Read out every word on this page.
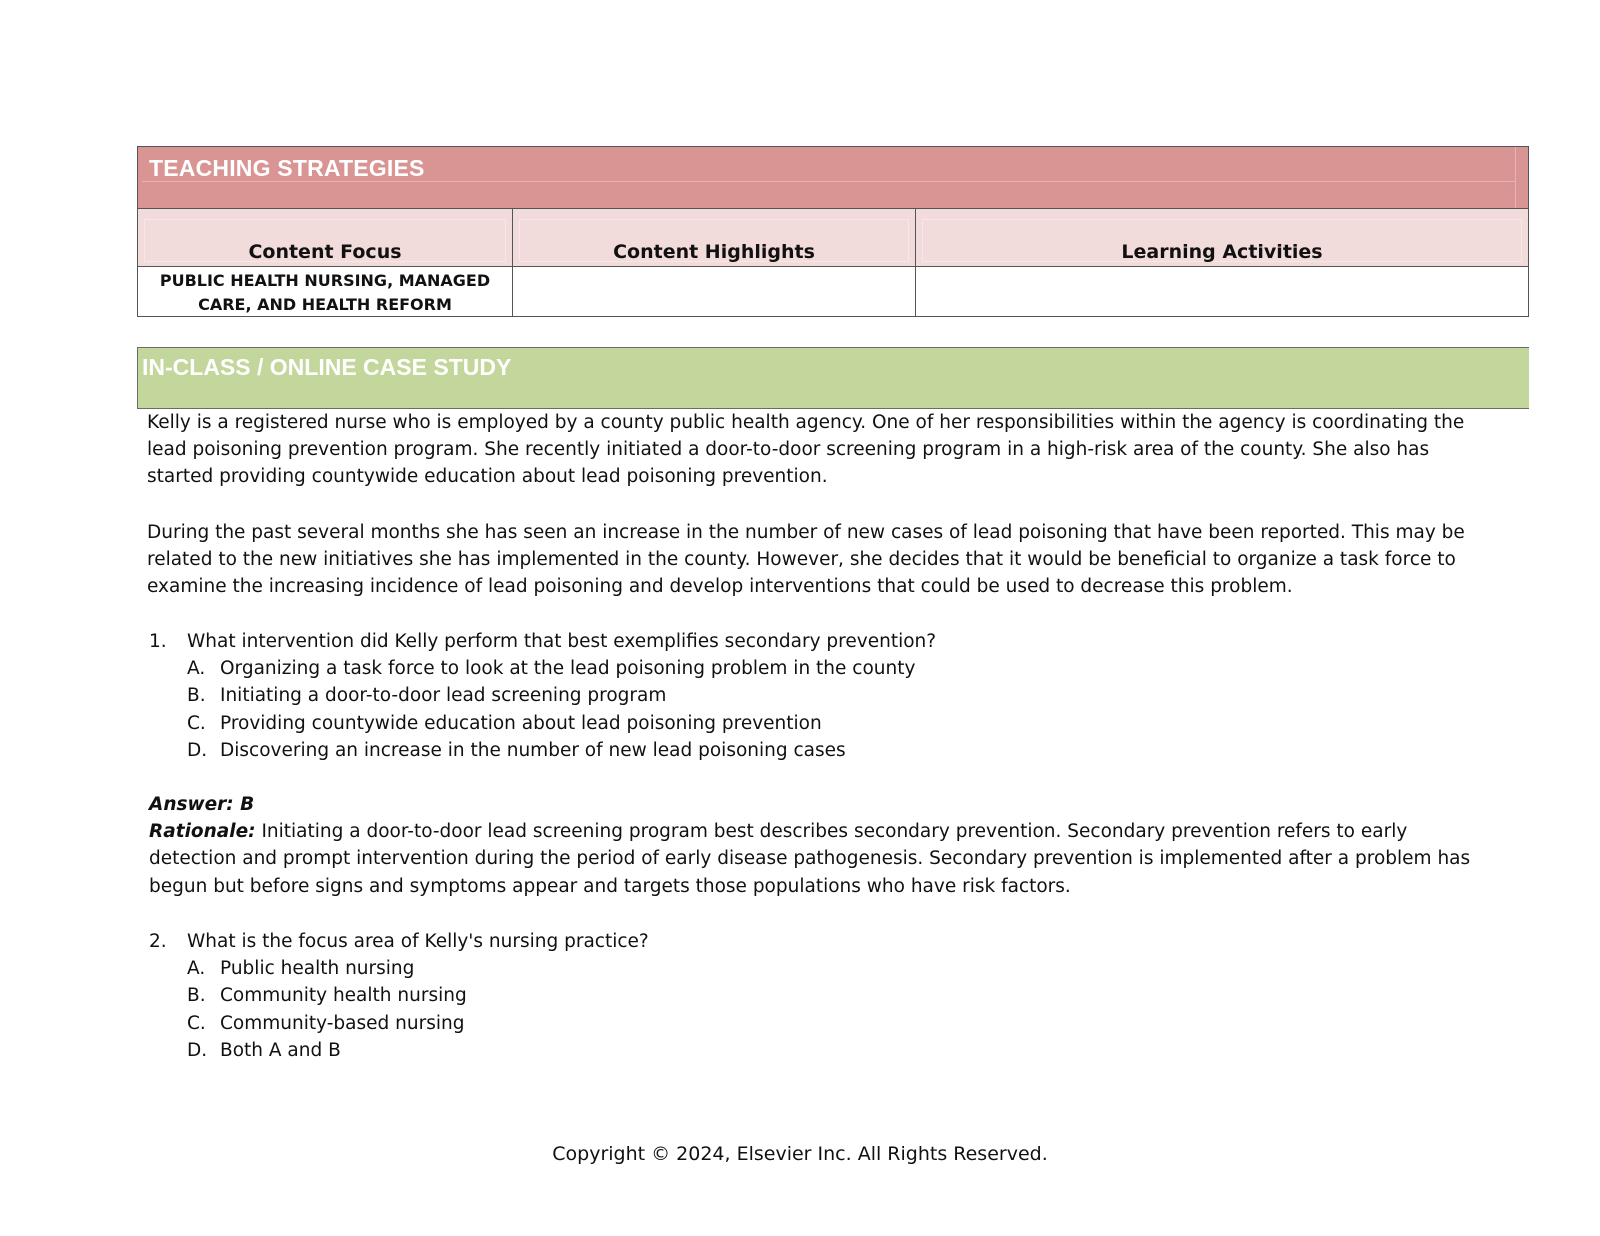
TEACHING STRATEGIES
Content Focus	Content Highlights	Learning Activities
PUBLIC HEALTH NURSING, MANAGED
CARE, AND HEALTH REFORM
IN-CLASS / ONLINE CASE STUDY
Kelly is a registered nurse who is employed by a county public health agency. One of her responsibilities within the agency is coordinating the lead poisoning prevention program. She recently initiated a door-to-door screening program in a high-risk area of the county. She also has started providing countywide education about lead poisoning prevention.
During the past several months she has seen an increase in the number of new cases of lead poisoning that have been reported. This may be related to the new initiatives she has implemented in the county. However, she decides that it would be beneficial to organize a task force to examine the increasing incidence of lead poisoning and develop interventions that could be used to decrease this problem.
1.	What intervention did Kelly perform that best exemplifies secondary prevention?
A. Organizing a task force to look at the lead poisoning problem in the county
B. Initiating a door-to-door lead screening program
C. Providing countywide education about lead poisoning prevention
D. Discovering an increase in the number of new lead poisoning cases
Answer: B
Rationale: Initiating a door-to-door lead screening program best describes secondary prevention. Secondary prevention refers to early detection and prompt intervention during the period of early disease pathogenesis. Secondary prevention is implemented after a problem has begun but before signs and symptoms appear and targets those populations who have risk factors.
2.	What is the focus area of Kelly's nursing practice?
A. Public health nursing
B. Community health nursing
C. Community-based nursing
D. Both A and B
Copyright © 2024, Elsevier Inc. All Rights Reserved.
